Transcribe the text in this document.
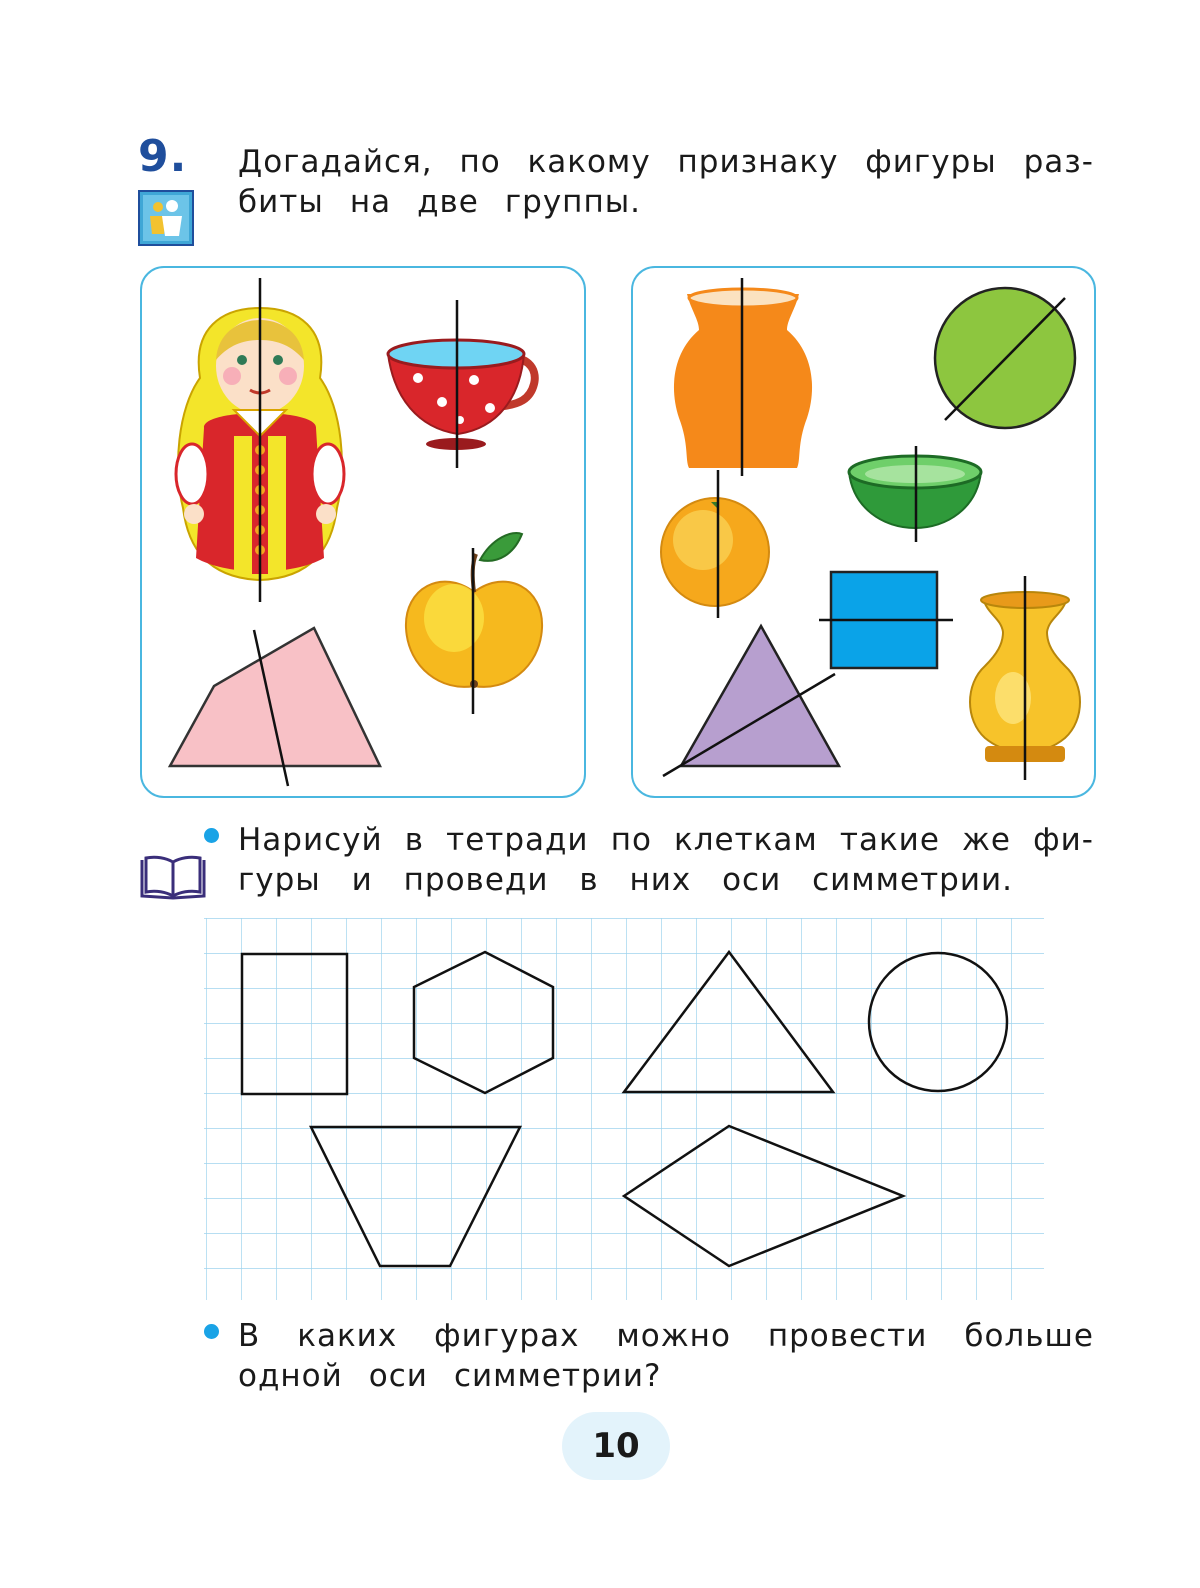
9. Догадайся, по какому признаку фигуры раз-
биты на две группы.
Нарисуй в тетради по клеткам такие же фи-
гуры и проведи в них оси симметрии.
В каких фигурах можно провести больше
одной оси симметрии?
10
